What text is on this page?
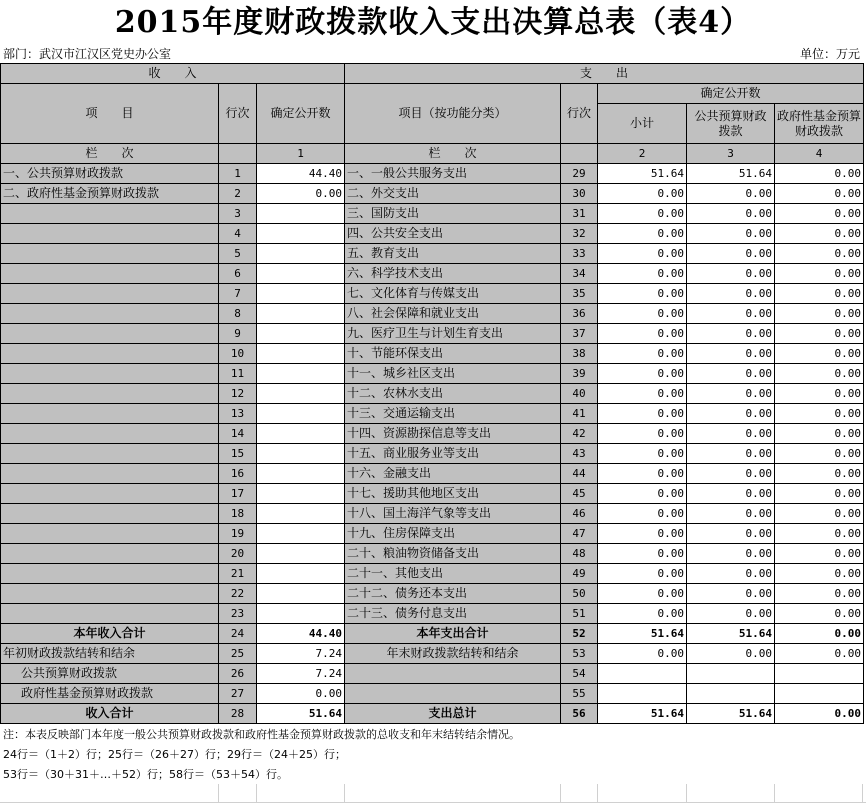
2015年度财政拨款收入支出决算总表（表4）
部门：武汉市江汉区党史办公室	单位：万元
收　　入			支　　出				
项　　目	行次	确定公开数	项目（按功能分类）	行次	确定公开数		
					小计	公共预算财政拨款	政府性基金预算财政拨款
栏　　次		1	栏　　次		2	3	4
一、公共预算财政拨款	1	44.40	一、一般公共服务支出	29	51.64	51.64	0.00
二、政府性基金预算财政拨款	2	0.00	二、外交支出	30	0.00	0.00	0.00
	3		三、国防支出	31	0.00	0.00	0.00
	4		四、公共安全支出	32	0.00	0.00	0.00
	5		五、教育支出	33	0.00	0.00	0.00
	6		六、科学技术支出	34	0.00	0.00	0.00
	7		七、文化体育与传媒支出	35	0.00	0.00	0.00
	8		八、社会保障和就业支出	36	0.00	0.00	0.00
	9		九、医疗卫生与计划生育支出	37	0.00	0.00	0.00
	10		十、节能环保支出	38	0.00	0.00	0.00
	11		十一、城乡社区支出	39	0.00	0.00	0.00
	12		十二、农林水支出	40	0.00	0.00	0.00
	13		十三、交通运输支出	41	0.00	0.00	0.00
	14		十四、资源勘探信息等支出	42	0.00	0.00	0.00
	15		十五、商业服务业等支出	43	0.00	0.00	0.00
	16		十六、金融支出	44	0.00	0.00	0.00
	17		十七、援助其他地区支出	45	0.00	0.00	0.00
	18		十八、国土海洋气象等支出	46	0.00	0.00	0.00
	19		十九、住房保障支出	47	0.00	0.00	0.00
	20		二十、粮油物资储备支出	48	0.00	0.00	0.00
	21		二十一、其他支出	49	0.00	0.00	0.00
	22		二十二、债务还本支出	50	0.00	0.00	0.00
	23		二十三、债务付息支出	51	0.00	0.00	0.00
本年收入合计	24	44.40	本年支出合计	52	51.64	51.64	0.00
年初财政拨款结转和结余	25	7.24	年末财政拨款结转和结余	53	0.00	0.00	0.00
公共预算财政拨款	26	7.24		54			
政府性基金预算财政拨款	27	0.00		55			
收入合计	28	51.64	支出总计	56	51.64	51.64	0.00
注：本表反映部门本年度一般公共预算财政拨款和政府性基金预算财政拨款的总收支和年末结转结余情况。
24行＝（1＋2）行；25行＝（26＋27）行；29行＝（24＋25）行；
53行＝（30＋31＋…＋52）行；58行＝（53＋54）行。
